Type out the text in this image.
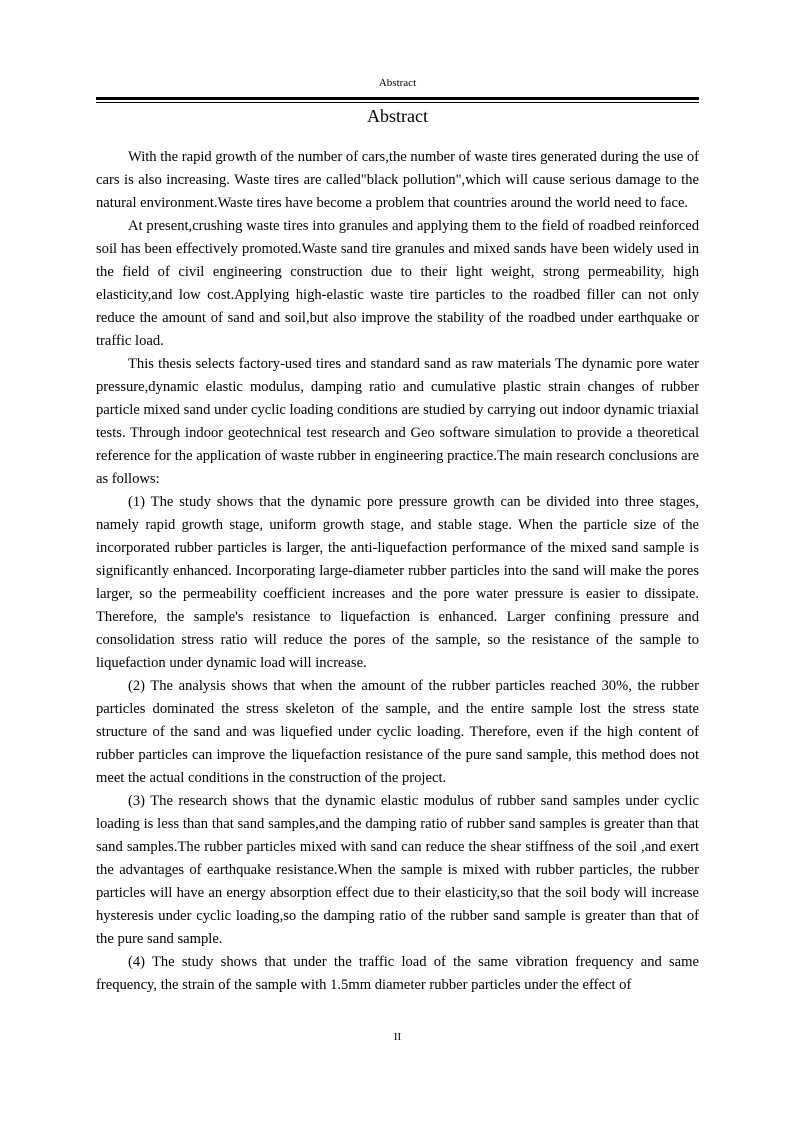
Abstract
Abstract

With the rapid growth of the number of cars,the number of waste tires generated during the use of cars is also increasing. Waste tires are called"black pollution",which will cause serious damage to the natural environment.Waste tires have become a problem that countries around the world need to face.

At present,crushing waste tires into granules and applying them to the field of roadbed reinforced soil has been effectively promoted.Waste sand tire granules and mixed sands have been widely used in the field of civil engineering construction due to their light weight, strong permeability, high elasticity,and low cost.Applying high-elastic waste tire particles to the roadbed filler can not only reduce the amount of sand and soil,but also improve the stability of the roadbed under earthquake or traffic load.

This thesis selects factory-used tires and standard sand as raw materials The dynamic pore water pressure,dynamic elastic modulus, damping ratio and cumulative plastic strain changes of rubber particle mixed sand under cyclic loading conditions are studied by carrying out indoor dynamic triaxial tests. Through indoor geotechnical test research and Geo software simulation to provide a theoretical reference for the application of waste rubber in engineering practice.The main research conclusions are as follows:

(1) The study shows that the dynamic pore pressure growth can be divided into three stages, namely rapid growth stage, uniform growth stage, and stable stage. When the particle size of the incorporated rubber particles is larger, the anti-liquefaction performance of the mixed sand sample is significantly enhanced. Incorporating large-diameter rubber particles into the sand will make the pores larger, so the permeability coefficient increases and the pore water pressure is easier to dissipate. Therefore, the sample's resistance to liquefaction is enhanced. Larger confining pressure and consolidation stress ratio will reduce the pores of the sample, so the resistance of the sample to liquefaction under dynamic load will increase.

(2) The analysis shows that when the amount of the rubber particles reached 30%, the rubber particles dominated the stress skeleton of the sample, and the entire sample lost the stress state structure of the sand and was liquefied under cyclic loading. Therefore, even if the high content of rubber particles can improve the liquefaction resistance of the pure sand sample, this method does not meet the actual conditions in the construction of the project.

(3) The research shows that the dynamic elastic modulus of rubber sand samples under cyclic loading is less than that sand samples,and the damping ratio of rubber sand samples is greater than that sand samples.The rubber particles mixed with sand can reduce the shear stiffness of the soil ,and exert the advantages of earthquake resistance.When the sample is mixed with rubber particles, the rubber particles will have an energy absorption effect due to their elasticity,so that the soil body will increase hysteresis under cyclic loading,so the damping ratio of the rubber sand sample is greater than that of the pure sand sample.

(4) The study shows that under the traffic load of the same vibration frequency and same frequency, the strain of the sample with 1.5mm diameter rubber particles under the effect of

II
